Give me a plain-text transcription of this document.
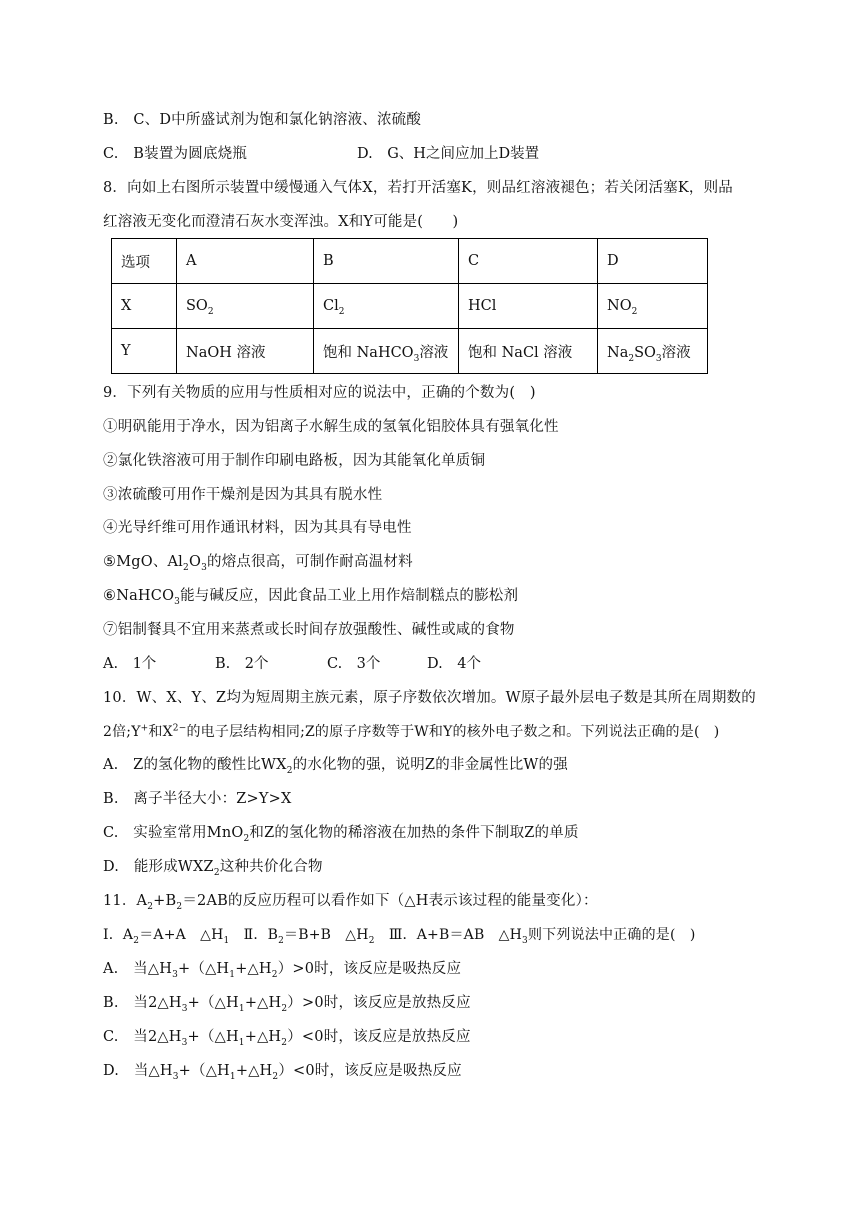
B.　C、D中所盛试剂为饱和氯化钠溶液、浓硫酸
C.　B装置为圆底烧瓶	D.　G、H之间应加上D装置
8．向如上右图所示装置中缓慢通入气体X，若打开活塞K，则品红溶液褪色；若关闭活塞K，则品
红溶液无变化而澄清石灰水变浑浊。X和Y可能是(　　)
选项	A	B	C	D
X	$SO_2$	$Cl_2$	HCl	$NO_2$
Y	NaOH 溶液	饱和 NaHCO$_3$溶液	饱和 NaCl 溶液	$Na_2SO_3$溶液
9．下列有关物质的应用与性质相对应的说法中，正确的个数为(　)
①明矾能用于净水，因为铝离子水解生成的氢氧化铝胶体具有强氧化性
②氯化铁溶液可用于制作印刷电路板，因为其能氧化单质铜
③浓硫酸可用作干燥剂是因为其具有脱水性
④光导纤维可用作通讯材料，因为其具有导电性
⑤MgO、$Al_2O_3$的熔点很高，可制作耐高温材料
⑥NaHCO$_3$能与碱反应，因此食品工业上用作焙制糕点的膨松剂
⑦铝制餐具不宜用来蒸煮或长时间存放强酸性、碱性或咸的食物
A.　1个	B.　2个	C.　3个	D.　4个
10．W、X、Y、Z均为短周期主族元素，原子序数依次增加。W原子最外层电子数是其所在周期数的
2倍;Y+和$X^{2-}$的电子层结构相同;Z的原子序数等于W和Y的核外电子数之和。下列说法正确的是(　)
A.　Z的氢化物的酸性比$WX_2$的水化物的强，说明Z的非金属性比W的强
B.　离子半径大小：Z>Y>X
C.　实验室常用MnO$_2$和Z的氢化物的稀溶液在加热的条件下制取Z的单质
D.　能形成$WXZ_2$这种共价化合物
11．$A_2+B_2=2AB$的反应历程可以看作如下（△H表示该过程的能量变化）：
Ⅰ．$A_2=A+A$　$\triangle H_1$　Ⅱ．$B_2=B+B$　$\triangle H_2$　Ⅲ．A+B＝AB　$\triangle H_3$则下列说法中正确的是(　)
A.　当$\triangle H_3+(\triangle H_1+\triangle H_2)>0$时，该反应是吸热反应
B.　当$2\triangle H_3+(\triangle H_1+\triangle H_2)>0$时，该反应是放热反应
C.　当$2\triangle H_3+(\triangle H_1+\triangle H_2)<0$时，该反应是放热反应
D.　当$\triangle H_3+(\triangle H_1+\triangle H_2)<0$时，该反应是吸热反应
